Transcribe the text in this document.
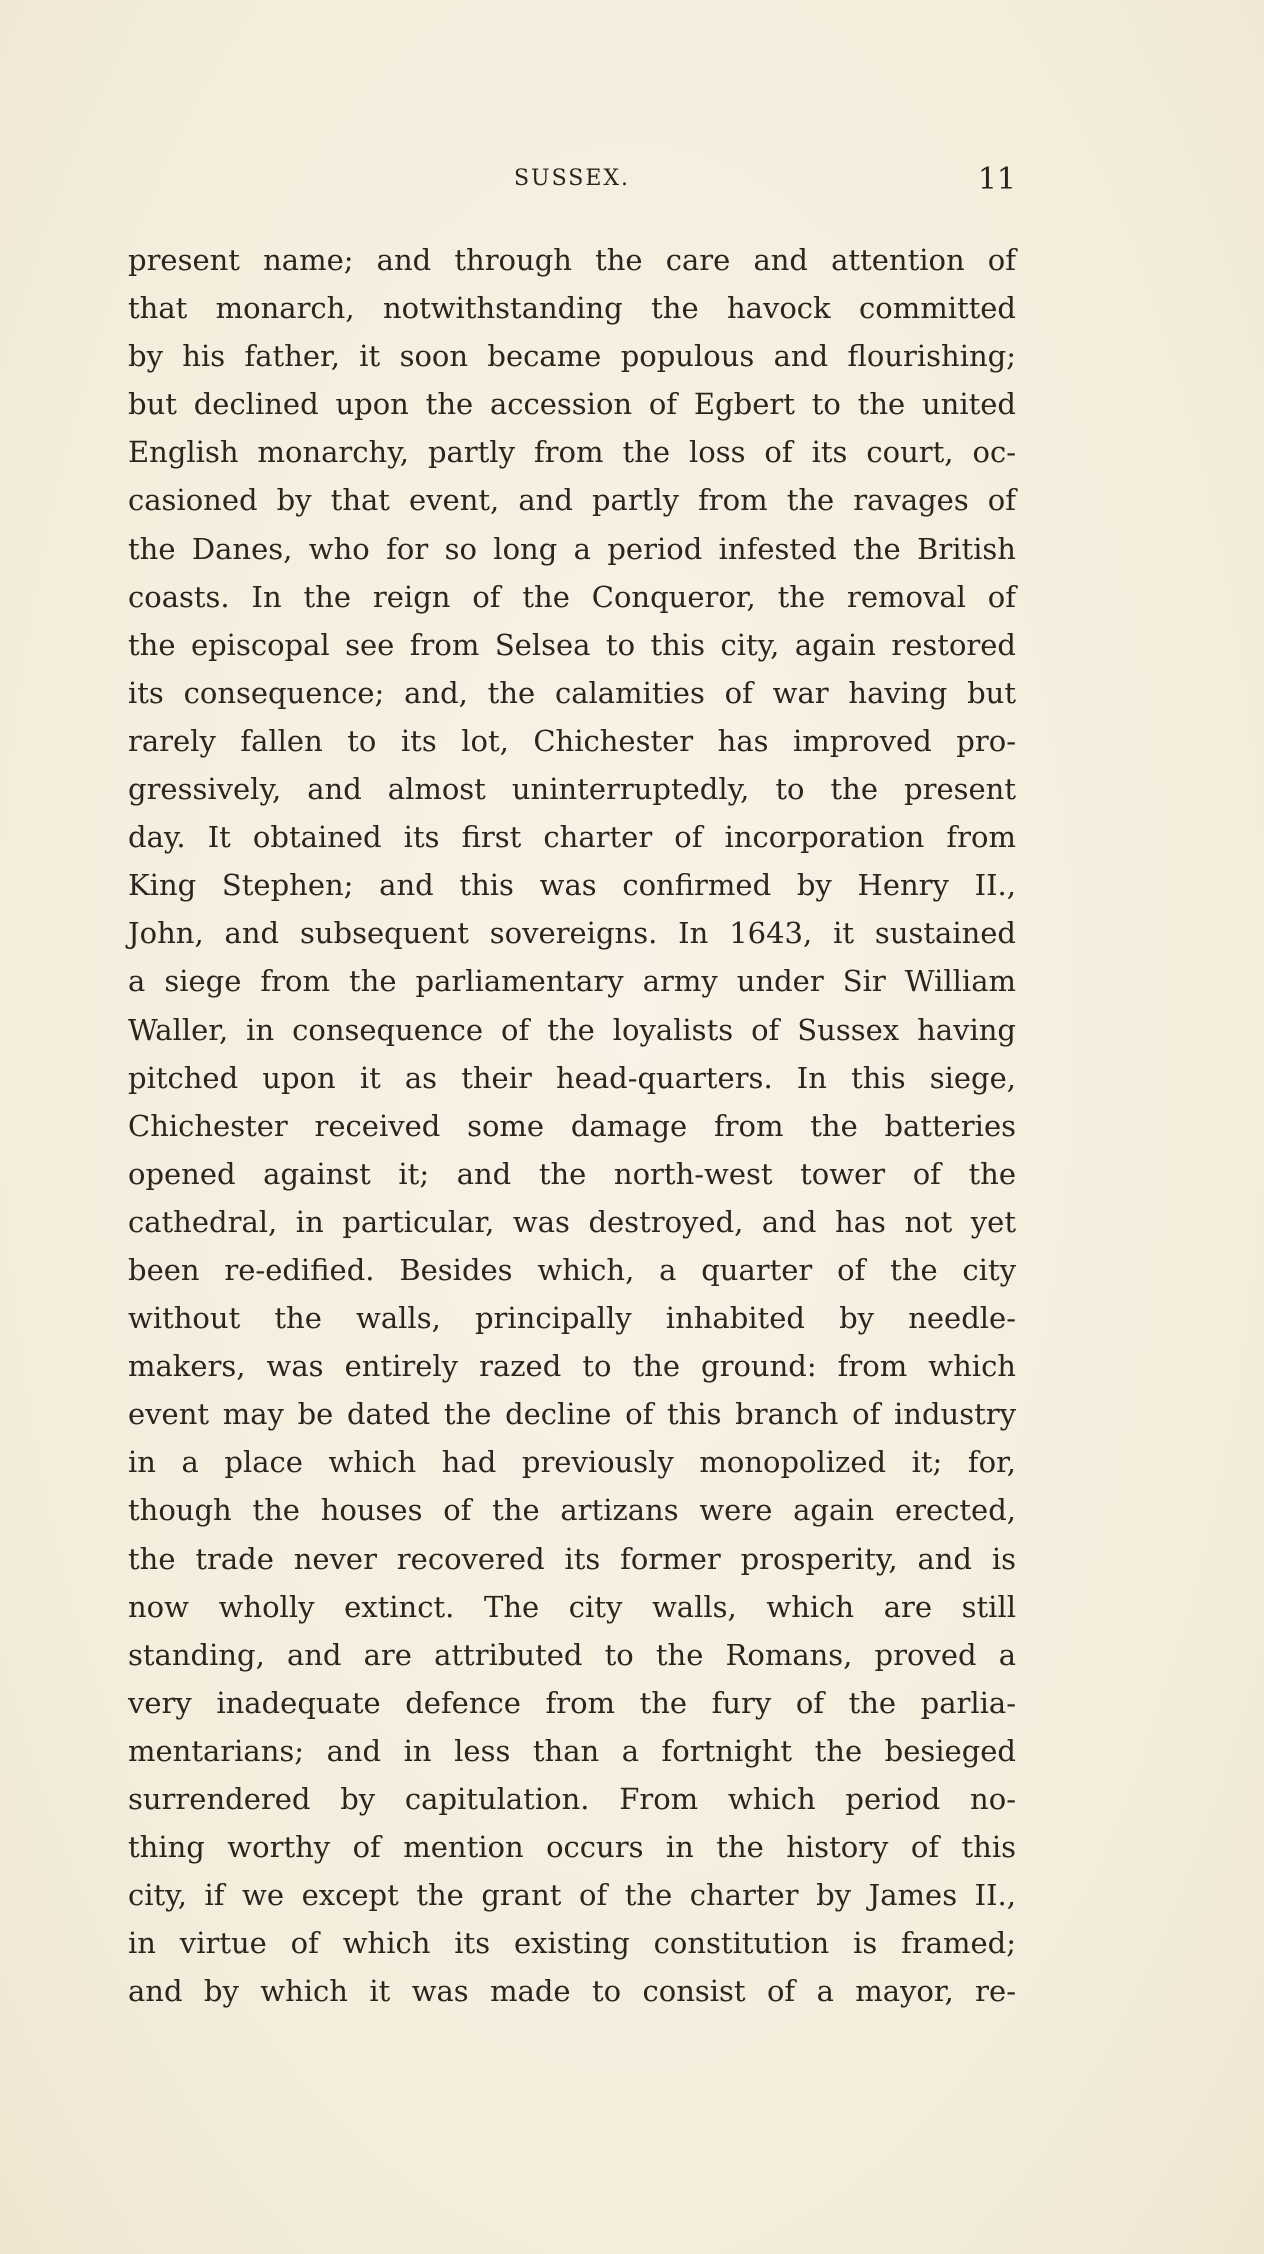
SUSSEX.	11
present name; and through the care and attention of
that monarch, notwithstanding the havock committed
by his father, it soon became populous and flourishing;
but declined upon the accession of Egbert to the united
English monarchy, partly from the loss of its court, oc-
casioned by that event, and partly from the ravages of
the Danes, who for so long a period infested the British
coasts. In the reign of the Conqueror, the removal of
the episcopal see from Selsea to this city, again restored
its consequence; and, the calamities of war having but
rarely fallen to its lot, Chichester has improved pro-
gressively, and almost uninterruptedly, to the present
day. It obtained its first charter of incorporation from
King Stephen; and this was confirmed by Henry II.,
John, and subsequent sovereigns. In 1643, it sustained
a siege from the parliamentary army under Sir William
Waller, in consequence of the loyalists of Sussex having
pitched upon it as their head-quarters. In this siege,
Chichester received some damage from the batteries
opened against it; and the north-west tower of the
cathedral, in particular, was destroyed, and has not yet
been re-edified. Besides which, a quarter of the city
without the walls, principally inhabited by needle-
makers, was entirely razed to the ground: from which
event may be dated the decline of this branch of industry
in a place which had previously monopolized it; for,
though the houses of the artizans were again erected,
the trade never recovered its former prosperity, and is
now wholly extinct. The city walls, which are still
standing, and are attributed to the Romans, proved a
very inadequate defence from the fury of the parlia-
mentarians; and in less than a fortnight the besieged
surrendered by capitulation. From which period no-
thing worthy of mention occurs in the history of this
city, if we except the grant of the charter by James II.,
in virtue of which its existing constitution is framed;
and by which it was made to consist of a mayor, re-
